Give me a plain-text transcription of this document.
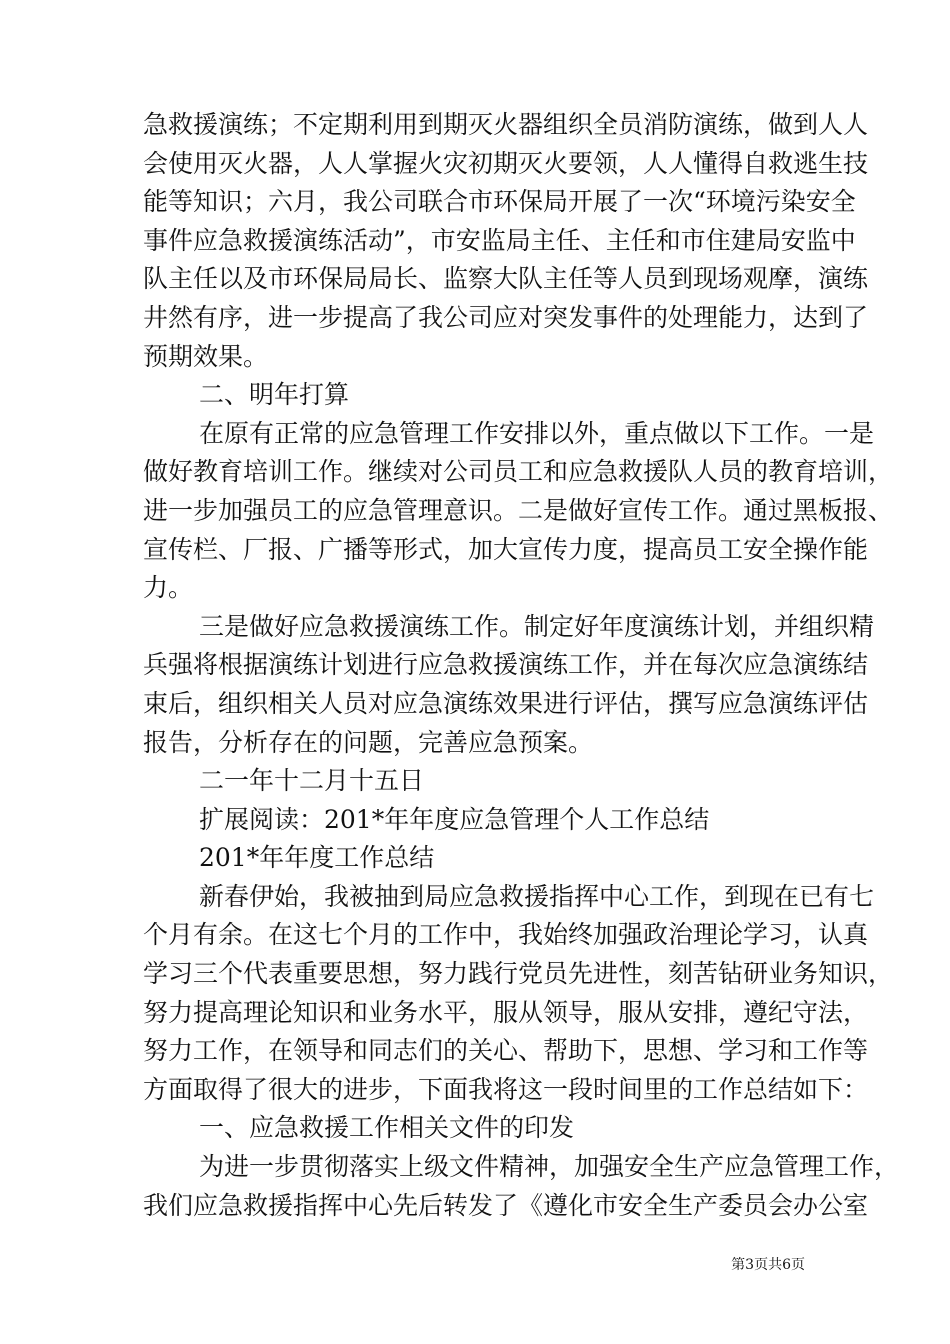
急救援演练；不定期利用到期灭火器组织全员消防演练，做到人人
会使用灭火器，人人掌握火灾初期灭火要领，人人懂得自救逃生技
能等知识；六月，我公司联合市环保局开展了一次“环境污染安全
事件应急救援演练活动”，市安监局主任、主任和市住建局安监中
队主任以及市环保局局长、监察大队主任等人员到现场观摩，演练
井然有序，进一步提高了我公司应对突发事件的处理能力，达到了
预期效果。
二、明年打算
在原有正常的应急管理工作安排以外，重点做以下工作。一是
做好教育培训工作。继续对公司员工和应急救援队人员的教育培训，
进一步加强员工的应急管理意识。二是做好宣传工作。通过黑板报、
宣传栏、厂报、广播等形式，加大宣传力度，提高员工安全操作能
力。
三是做好应急救援演练工作。制定好年度演练计划，并组织精
兵强将根据演练计划进行应急救援演练工作，并在每次应急演练结
束后，组织相关人员对应急演练效果进行评估，撰写应急演练评估
报告，分析存在的问题，完善应急预案。
二一年十二月十五日
扩展阅读：201*年年度应急管理个人工作总结
201*年年度工作总结
新春伊始，我被抽到局应急救援指挥中心工作，到现在已有七
个月有余。在这七个月的工作中，我始终加强政治理论学习，认真
学习三个代表重要思想，努力践行党员先进性，刻苦钻研业务知识，
努力提高理论知识和业务水平，服从领导，服从安排，遵纪守法，
努力工作，在领导和同志们的关心、帮助下，思想、学习和工作等
方面取得了很大的进步，下面我将这一段时间里的工作总结如下：
一、应急救援工作相关文件的印发
为进一步贯彻落实上级文件精神，加强安全生产应急管理工作，
我们应急救援指挥中心先后转发了《遵化市安全生产委员会办公室
第3页共6页
